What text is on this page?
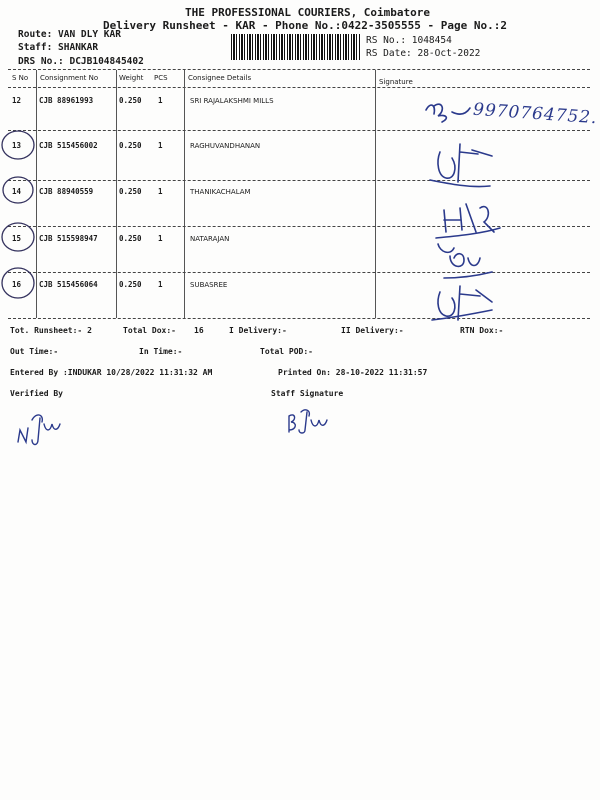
THE PROFESSIONAL COURIERS, Coimbatore
Delivery Runsheet - KAR - Phone No.:0422-3505555 - Page No.:2
Route: VAN DLY KAR
Staff: SHANKAR
DRS No.: DCJB104845402
RS No.: 1048454
RS Date: 28-Oct-2022
S No Consignment No	Weight PCS	Consignee Details	Signature
12 CJB 88961993	0.250 1	SRI RAJALAKSHMI MILLS
13 CJB 515456002	0.250 1	RAGHUVANDHANAN
14 CJB 88940559	0.250 1	THANIKACHALAM
15 CJB 515598947	0.250 1	NATARAJAN
16 CJB 515456064	0.250 1	SUBASREE
9970764752.
Tot. Runsheet:- 2	Total Dox:- 16	I Delivery:-	II Delivery:-	RTN Dox:-
Out Time:-	In Time:-	Total POD:-
Entered By :INDUKAR 10/28/2022 11:31:32 AM	Printed On: 28-10-2022 11:31:57
Verified By	Staff Signature
